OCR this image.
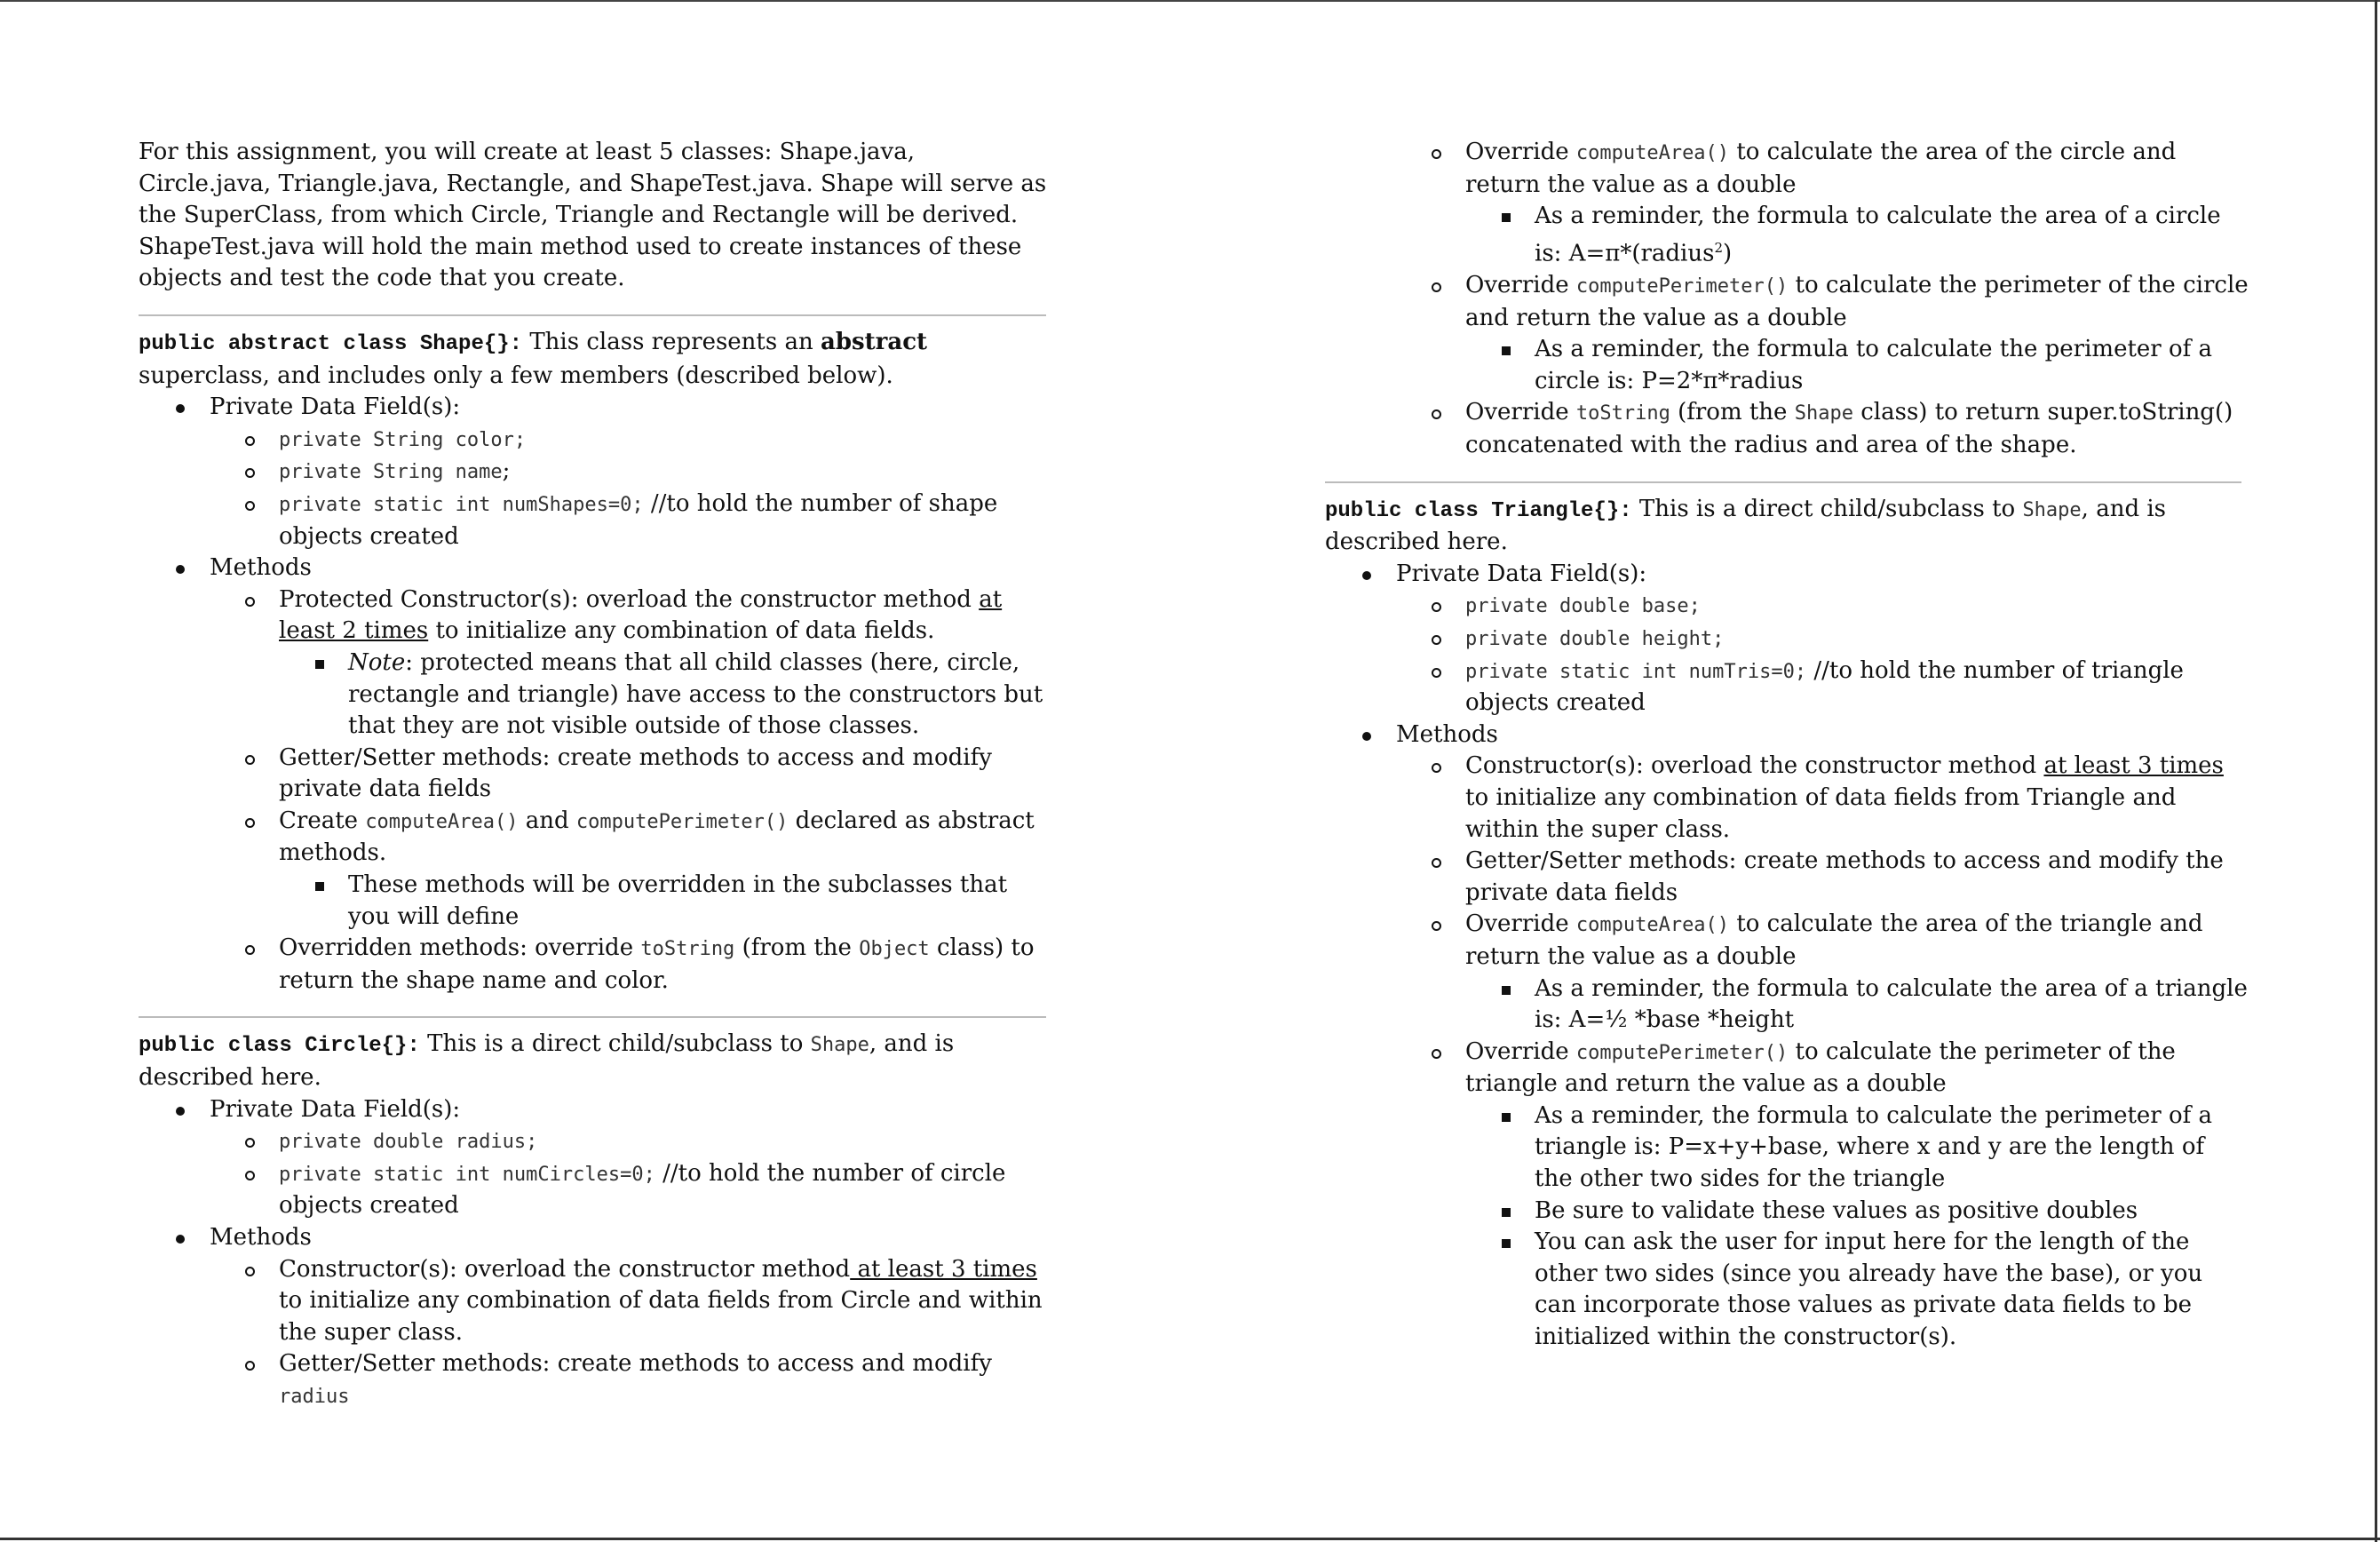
For this assignment, you will create at least 5 classes: Shape.java, Circle.java, Triangle.java, Rectangle, and ShapeTest.java. Shape will serve as the SuperClass, from which Circle, Triangle and Rectangle will be derived. ShapeTest.java will hold the main method used to create instances of these objects and test the code that you create.

public abstract class Shape{}: This class represents an abstract superclass, and includes only a few members (described below).

Private Data Field(s):
private String color;
private String name;
private static int numShapes=0; //to hold the number of shape objects created
Methods
Protected Constructor(s): overload the constructor method at least 2 times to initialize any combination of data fields.
Note: protected means that all child classes (here, circle, rectangle and triangle) have access to the constructors but that they are not visible outside of those classes.
Getter/Setter methods: create methods to access and modify private data fields
Create computeArea() and computePerimeter() declared as abstract methods.
These methods will be overridden in the subclasses that you will define
Overridden methods: override toString (from the Object class) to return the shape name and color.

public class Circle{}: This is a direct child/subclass to Shape, and is described here.

Private Data Field(s):
private double radius;
private static int numCircles=0; //to hold the number of circle objects created
Methods
Constructor(s): overload the constructor method at least 3 times to initialize any combination of data fields from Circle and within the super class.
Getter/Setter methods: create methods to access and modify radius
Override computeArea() to calculate the area of the circle and return the value as a double
As a reminder, the formula to calculate the area of a circle is: A=π*(radius$^2$)
Override computePerimeter() to calculate the perimeter of the circle and return the value as a double
As a reminder, the formula to calculate the perimeter of a circle is: P=2*π*radius
Override toString (from the Shape class) to return super.toString() concatenated with the radius and area of the shape.

public class Triangle{}: This is a direct child/subclass to Shape, and is described here.

Private Data Field(s):
private double base;
private double height;
private static int numTris=0; //to hold the number of triangle objects created
Methods
Constructor(s): overload the constructor method at least 3 times to initialize any combination of data fields from Triangle and within the super class.
Getter/Setter methods: create methods to access and modify the private data fields
Override computeArea() to calculate the area of the triangle and return the value as a double
As a reminder, the formula to calculate the area of a triangle is: A=½ *base *height
Override computePerimeter() to calculate the perimeter of the triangle and return the value as a double
As a reminder, the formula to calculate the perimeter of a triangle is: P=x+y+base, where x and y are the length of the other two sides for the triangle
Be sure to validate these values as positive doubles
You can ask the user for input here for the length of the other two sides (since you already have the base), or you can incorporate those values as private data fields to be initialized within the constructor(s).
